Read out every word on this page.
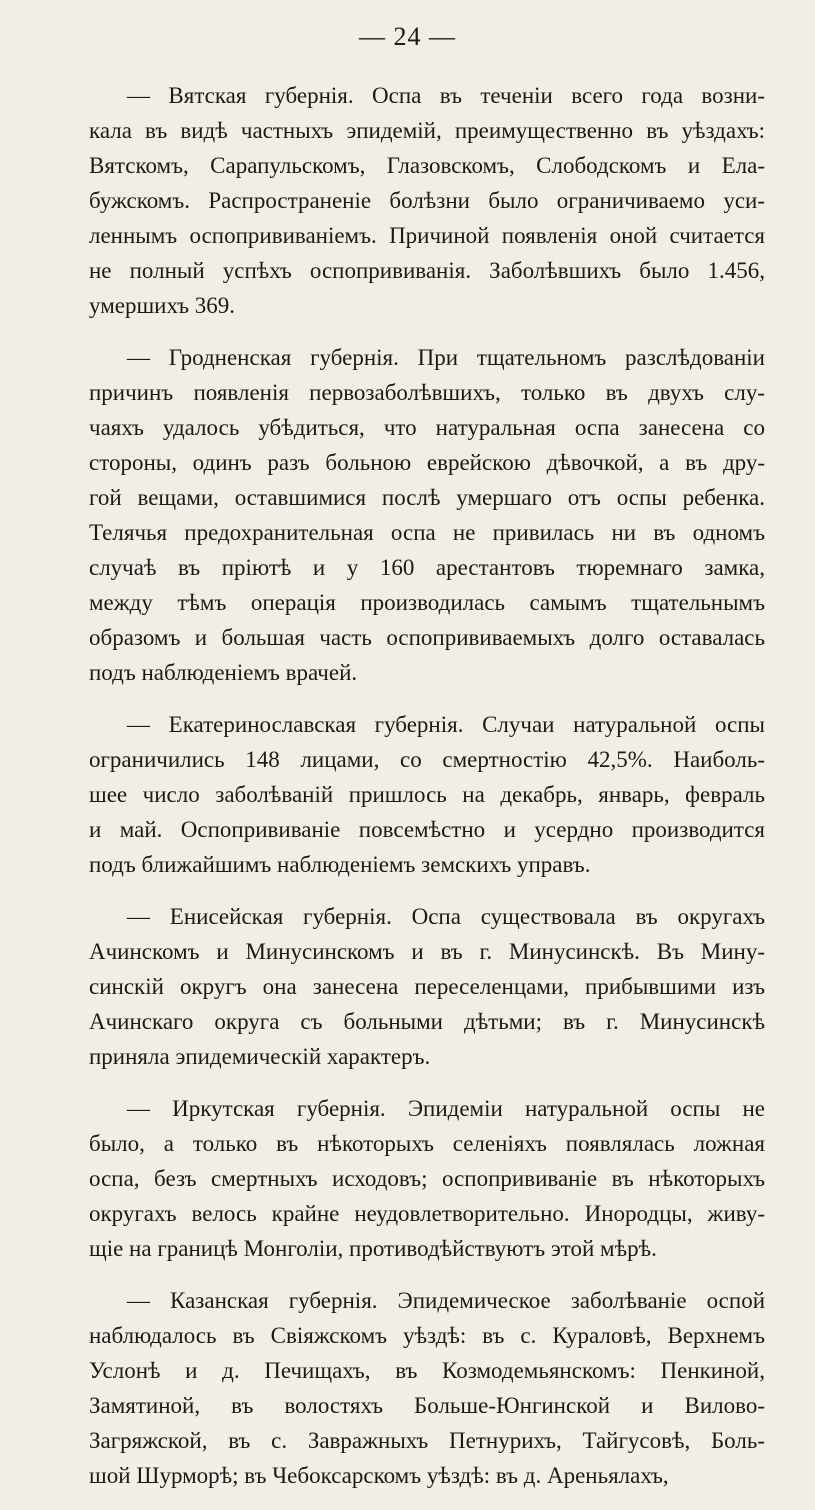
— 24 —
— Вятская губернія. Оспа въ теченіи всего года возни-
кала въ видѣ частныхъ эпидемій, преимущественно въ уѣздахъ:
Вятскомъ, Сарапульскомъ, Глазовскомъ, Слободскомъ и Ела-
бужскомъ. Распространеніе болѣзни было ограничиваемо уси-
леннымъ оспопрививаніемъ. Причиной появленія оной считается
не полный успѣхъ оспопрививанія. Заболѣвшихъ было 1.456,
умершихъ 369.
— Гродненская губернія. При тщательномъ разслѣдованіи
причинъ появленія первозаболѣвшихъ, только въ двухъ слу-
чаяхъ удалось убѣдиться, что натуральная оспа занесена со
стороны, одинъ разъ больною еврейскою дѣвочкой, а въ дру-
гой вещами, оставшимися послѣ умершаго отъ оспы ребенка.
Телячья предохранительная оспа не привилась ни въ одномъ
случаѣ въ пріютѣ и у 160 арестантовъ тюремнаго замка,
между тѣмъ операція производилась самымъ тщательнымъ
образомъ и большая часть оспопрививаемыхъ долго оставалась
подъ наблюденіемъ врачей.
— Екатеринославская губернія. Случаи натуральной оспы
ограничились 148 лицами, со смертностію 42,5%. Наиболь-
шее число заболѣваній пришлось на декабрь, январь, февраль
и май. Оспопрививаніе повсемѣстно и усердно производится
подъ ближайшимъ наблюденіемъ земскихъ управъ.
— Енисейская губернія. Оспа существовала въ округахъ
Ачинскомъ и Минусинскомъ и въ г. Минусинскѣ. Въ Мину-
синскій округъ она занесена переселенцами, прибывшими изъ
Ачинскаго округа съ больными дѣтьми; въ г. Минусинскѣ
приняла эпидемическій характеръ.
— Иркутская губернія. Эпидеміи натуральной оспы не
было, а только въ нѣкоторыхъ селеніяхъ появлялась ложная
оспа, безъ смертныхъ исходовъ; оспопрививаніе въ нѣкоторыхъ
округахъ велось крайне неудовлетворительно. Инородцы, живу-
щіе на границѣ Монголіи, противодѣйствуютъ этой мѣрѣ.
— Казанская губернія. Эпидемическое заболѣваніе оспой
наблюдалось въ Свіяжскомъ уѣздѣ: въ с. Кураловѣ, Верхнемъ
Услонѣ и д. Печищахъ, въ Козмодемьянскомъ: Пенкиной,
Замятиной, въ волостяхъ Больше-Юнгинской и Вилово-
Загряжской, въ с. Завражныхъ Петнурихъ, Тайгусовѣ, Боль-
шой Шурморѣ; въ Чебоксарскомъ уѣздѣ: въ д. Ареньялахъ,
